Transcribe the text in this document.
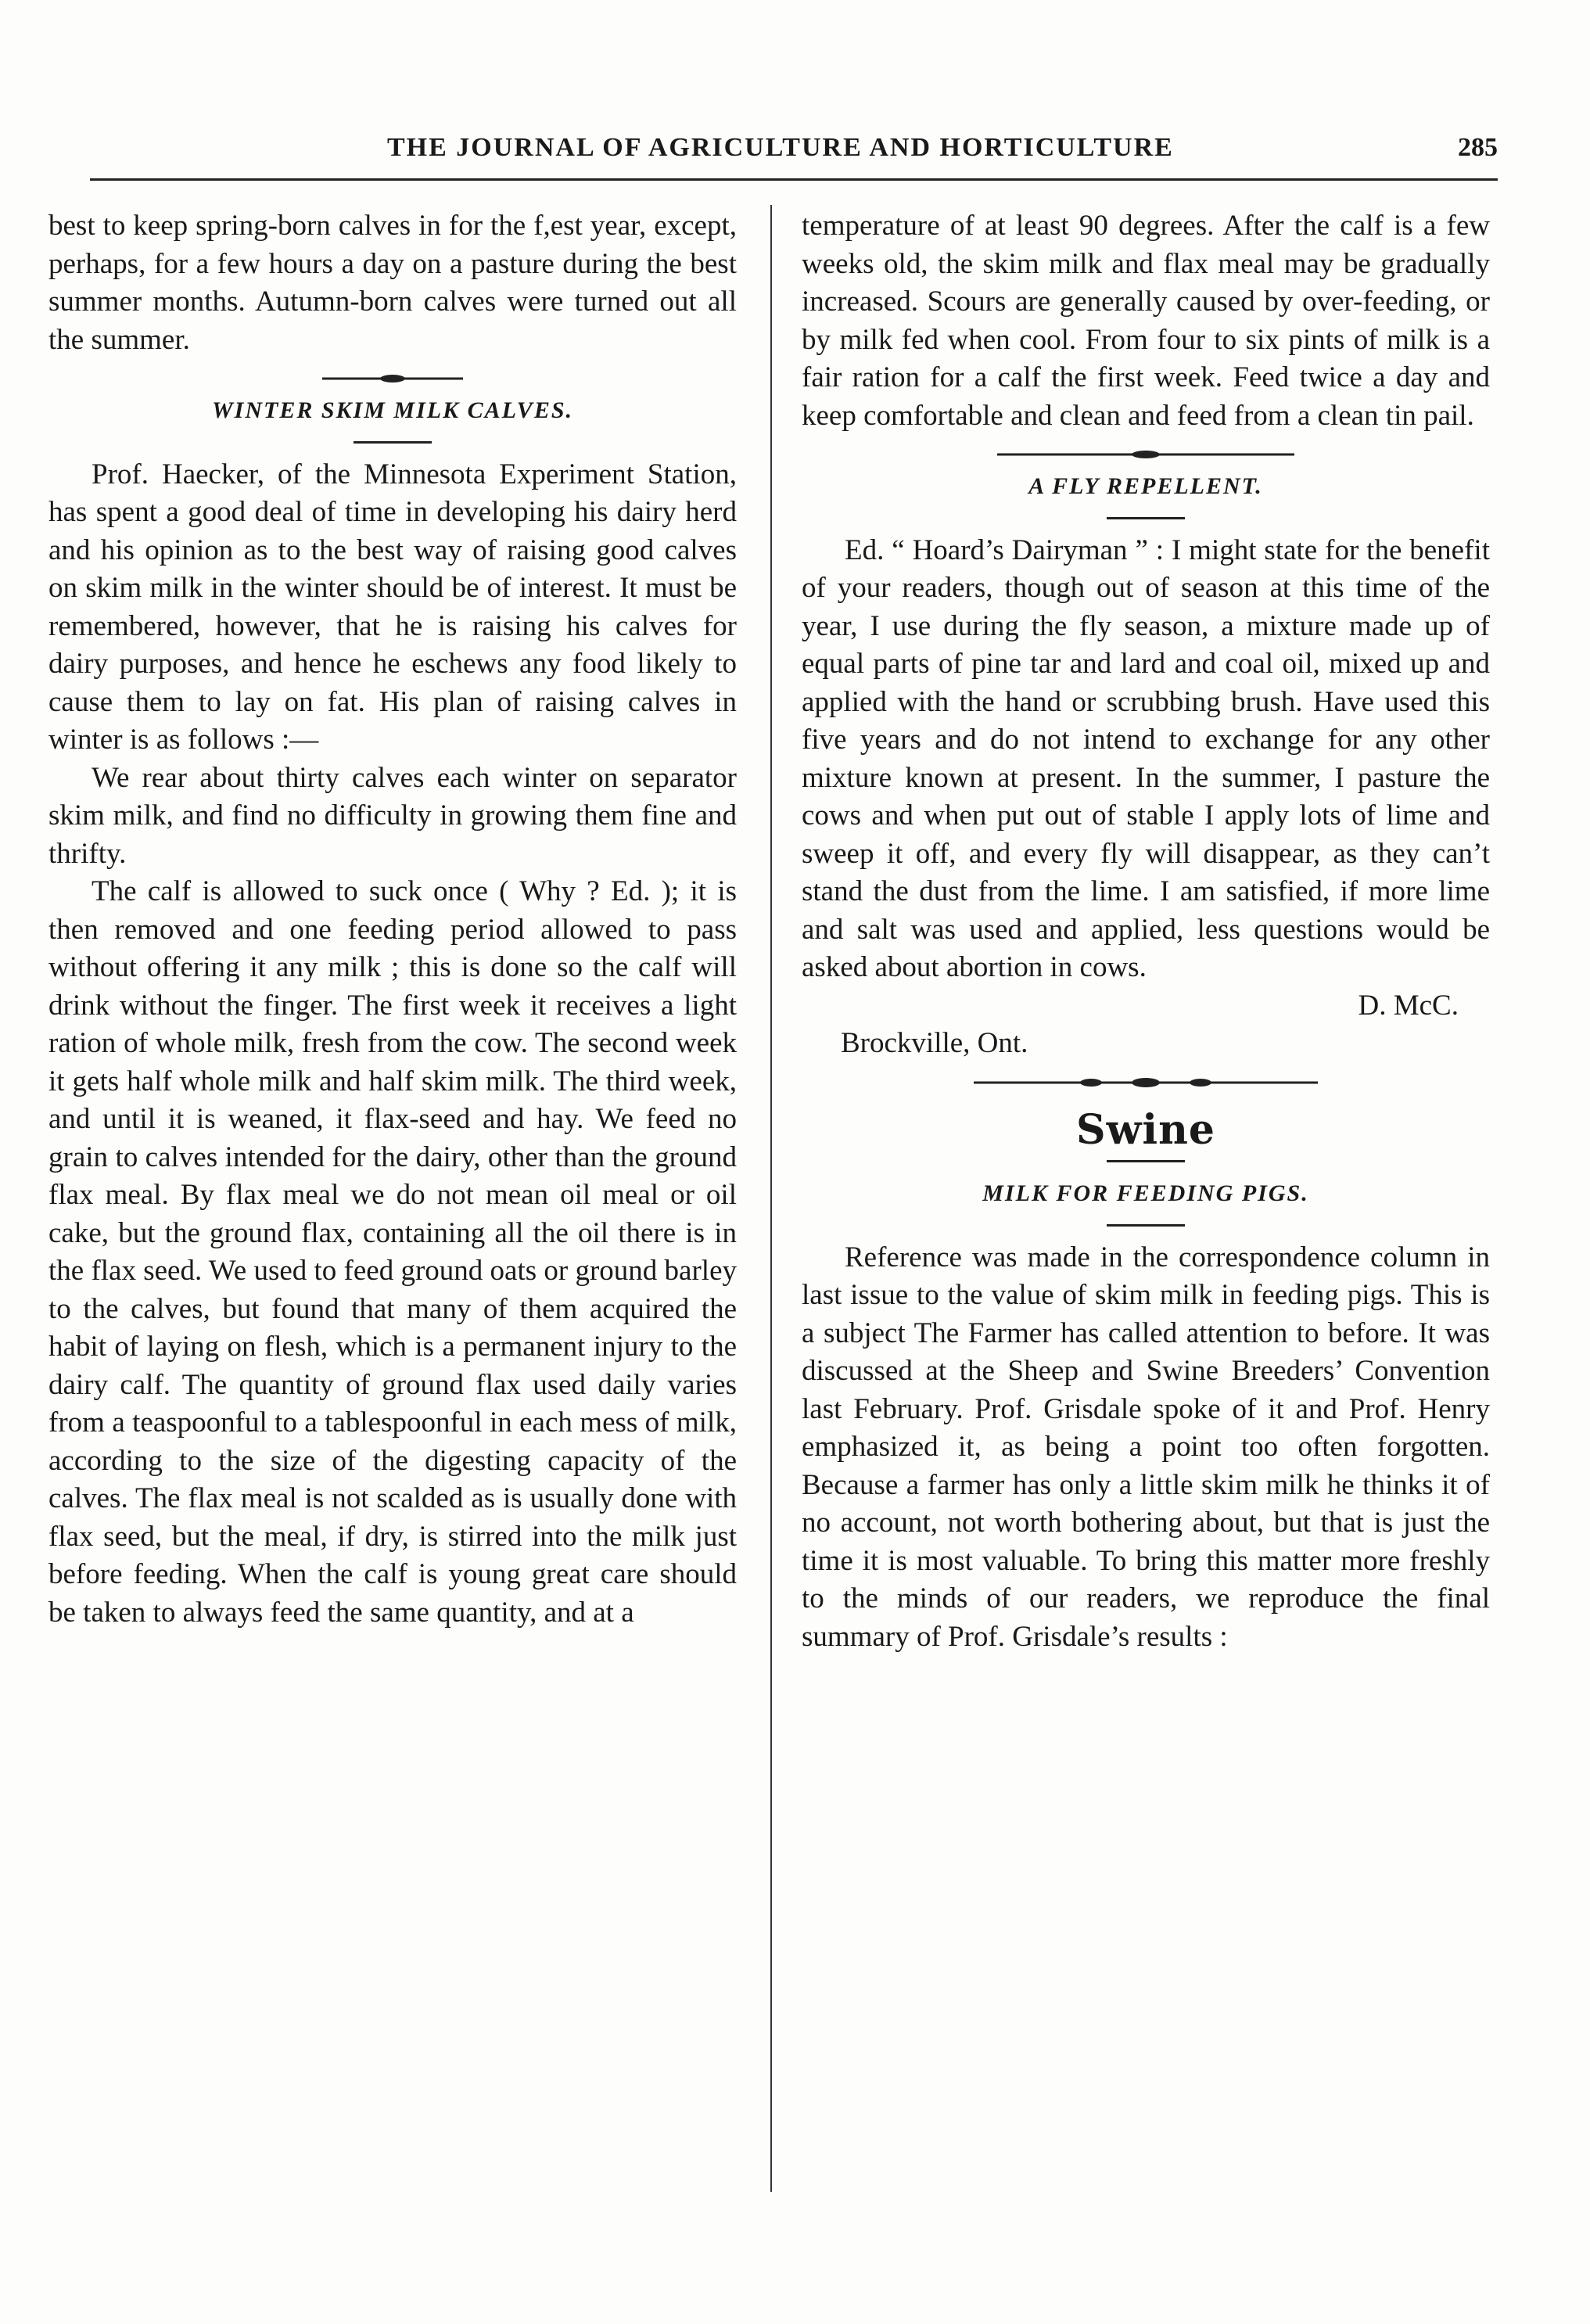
THE JOURNAL OF AGRICULTURE AND HORTICULTURE	285

best to keep spring-born calves in for the f,est year, except, perhaps, for a few hours a day on a pasture during the best summer months. Autumn-born calves were turned out all the summer.

WINTER SKIM MILK CALVES.

Prof. Haecker, of the Minnesota Experiment Station, has spent a good deal of time in developing his dairy herd and his opinion as to the best way of raising good calves on skim milk in the winter should be of interest. It must be remembered, however, that he is raising his calves for dairy purposes, and hence he eschews any food likely to cause them to lay on fat. His plan of raising calves in winter is as follows :—

We rear about thirty calves each winter on separator skim milk, and find no difficulty in growing them fine and thrifty.

The calf is allowed to suck once ( Why ? Ed. ); it is then removed and one feeding period allowed to pass without offering it any milk ; this is done so the calf will drink without the finger. The first week it receives a light ration of whole milk, fresh from the cow. The second week it gets half whole milk and half skim milk. The third week, and until it is weaned, it flax-seed and hay. We feed no grain to calves intended for the dairy, other than the ground flax meal. By flax meal we do not mean oil meal or oil cake, but the ground flax, containing all the oil there is in the flax seed. We used to feed ground oats or ground barley to the calves, but found that many of them acquired the habit of laying on flesh, which is a permanent injury to the dairy calf. The quantity of ground flax used daily varies from a teaspoonful to a tablespoonful in each mess of milk, according to the size of the digesting capacity of the calves. The flax meal is not scalded as is usually done with flax seed, but the meal, if dry, is stirred into the milk just before feeding. When the calf is young great care should be taken to always feed the same quantity, and at a

temperature of at least 90 degrees. After the calf is a few weeks old, the skim milk and flax meal may be gradually increased. Scours are generally caused by over-feeding, or by milk fed when cool. From four to six pints of milk is a fair ration for a calf the first week. Feed twice a day and keep comfortable and clean and feed from a clean tin pail.

A FLY REPELLENT.

Ed. “ Hoard’s Dairyman ” : I might state for the benefit of your readers, though out of season at this time of the year, I use during the fly season, a mixture made up of equal parts of pine tar and lard and coal oil, mixed up and applied with the hand or scrubbing brush. Have used this five years and do not intend to exchange for any other mixture known at present. In the summer, I pasture the cows and when put out of stable I apply lots of lime and sweep it off, and every fly will disappear, as they can’t stand the dust from the lime. I am satisfied, if more lime and salt was used and applied, less questions would be asked about abortion in cows.

D. McC.

Brockville, Ont.

Swine
MILK FOR FEEDING PIGS.

Reference was made in the correspondence column in last issue to the value of skim milk in feeding pigs. This is a subject The Farmer has called attention to before. It was discussed at the Sheep and Swine Breeders’ Convention last February. Prof. Grisdale spoke of it and Prof. Henry emphasized it, as being a point too often forgotten. Because a farmer has only a little skim milk he thinks it of no account, not worth bothering about, but that is just the time it is most valuable. To bring this matter more freshly to the minds of our readers, we reproduce the final summary of Prof. Grisdale’s results :
